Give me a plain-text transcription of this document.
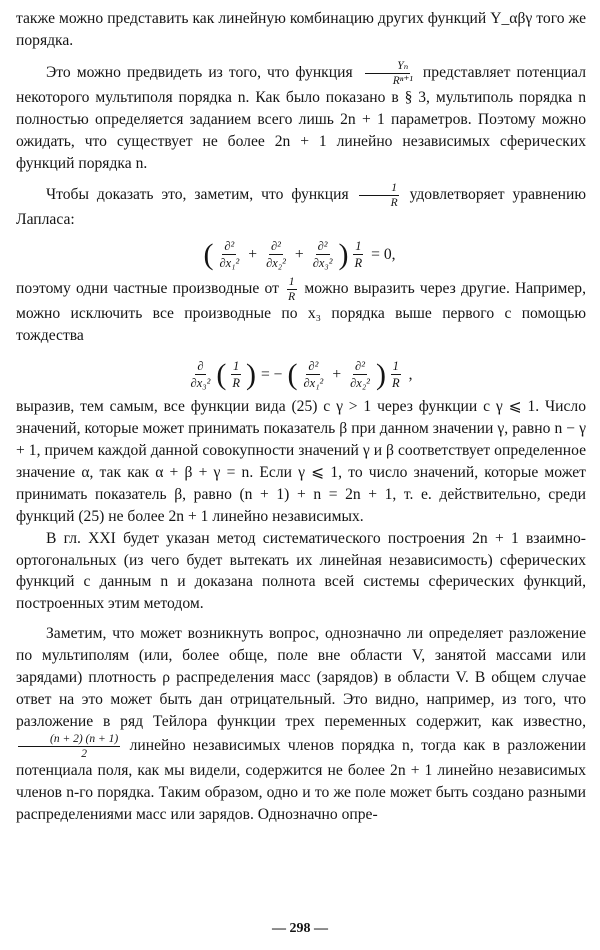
также можно представить как линейную комбинацию других функций Y_αβγ того же порядка.

Это можно предвидеть из того, что функция $\frac{\text{Yₙ}}{\text{Rⁿ⁺¹}}$ представляет потенциал некоторого мультиполя порядка n. Как было показано в § 3, мультиполь порядка n полностью определяется заданием всего лишь 2n + 1 параметров. Поэтому можно ожидать, что существует не более 2n + 1 линейно независимых сферических функций порядка n.

Чтобы доказать это, заметим, что функция $\frac{1}{R}$ удовлетворяет уравнению Лапласа:

( $\frac{\text{∂²}}{\text{∂x₁²}} + \frac{\text{∂²}}{\text{∂x₂²}} + \frac{\text{∂²}}{\text{∂x₃²}}$ ) $\frac{1}{R} = 0$,

поэтому одни частные производные от $\frac{1}{R}$ можно выразить через другие. Например, можно исключить все производные по x₃ порядка выше первого с помощью тождества

$\frac{\partial}{\text{∂x₃²}}$ ( $\frac{1}{R}$ ) = − ( $\frac{\text{∂²}}{\text{∂x₁²}} + \frac{\text{∂²}}{\text{∂x₂²}}$ ) $\frac{1}{R}$ ,

выразив, тем самым, все функции вида (25) с γ > 1 через функции с γ ⩽ 1. Число значений, которые может принимать показатель β при данном значении γ, равно n − γ + 1, причем каждой данной совокупности значений γ и β соответствует определенное значение α, так как α + β + γ = n. Если γ ⩽ 1, то число значений, которые может принимать показатель β, равно (n + 1) + n = 2n + 1, т. е. действительно, среди функций (25) не более 2n + 1 линейно независимых.

В гл. XXI будет указан метод систематического построения 2n + 1 взаимно-ортогональных (из чего будет вытекать их линейная независимость) сферических функций с данным n и доказана полнота всей системы сферических функций, построенных этим методом.

Заметим, что может возникнуть вопрос, однозначно ли определяет разложение по мультиполям (или, более обще, поле вне области V, занятой массами или зарядами) плотность ρ распределения масс (зарядов) в области V. В общем случае ответ на это может быть дан отрицательный. Это видно, например, из того, что разложение в ряд Тейлора функции трех переменных содержит, как известно,
$\frac{(n + 2) (n + 1)}{2}$ линейно независимых членов порядка n, тогда как в разложении потенциала поля, как мы видели, содержится не более 2n + 1 линейно независимых членов n-го порядка. Таким образом, одно и то же поле может быть создано разными распределениями масс или зарядов. Однозначно опре-

— 298 —
